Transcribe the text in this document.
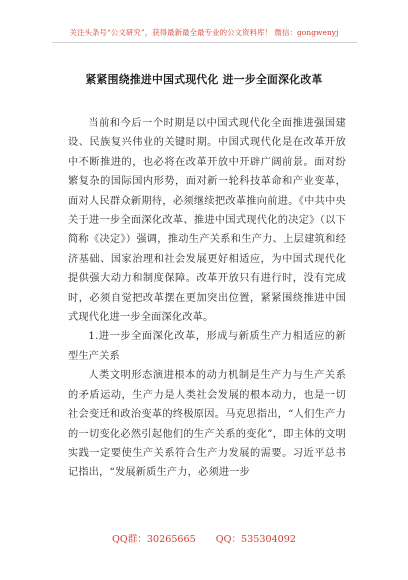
关注头条号“公文研究”，获得最新最全最专业的公文资料库！ 微信：gongwenyj
紧紧围绕推进中国式现代化 进一步全面深化改革

当前和今后一个时期是以中国式现代化全面推进强国建设、民族复兴伟业的关键时期。中国式现代化是在改革开放中不断推进的，也必将在改革开放中开辟广阔前景。面对纷繁复杂的国际国内形势，面对新一轮科技革命和产业变革，面对人民群众新期待，必须继续把改革推向前进。《中共中央关于进一步全面深化改革、推进中国式现代化的决定》（以下简称《决定》）强调，推动生产关系和生产力、上层建筑和经济基础、国家治理和社会发展更好相适应，为中国式现代化提供强大动力和制度保障。改革开放只有进行时，没有完成时，必须自觉把改革摆在更加突出位置，紧紧围绕推进中国式现代化进一步全面深化改革。

1.进一步全面深化改革，形成与新质生产力相适应的新型生产关系

人类文明形态演进根本的动力机制是生产力与生产关系的矛盾运动，生产力是人类社会发展的根本动力，也是一切社会变迁和政治变革的终极原因。马克思指出，“人们生产力的一切变化必然引起他们的生产关系的变化”，即主体的文明实践一定要使生产关系符合生产力发展的需要。习近平总书记指出，“发展新质生产力，必须进一步

QQ群：30265665 QQ：535304092
